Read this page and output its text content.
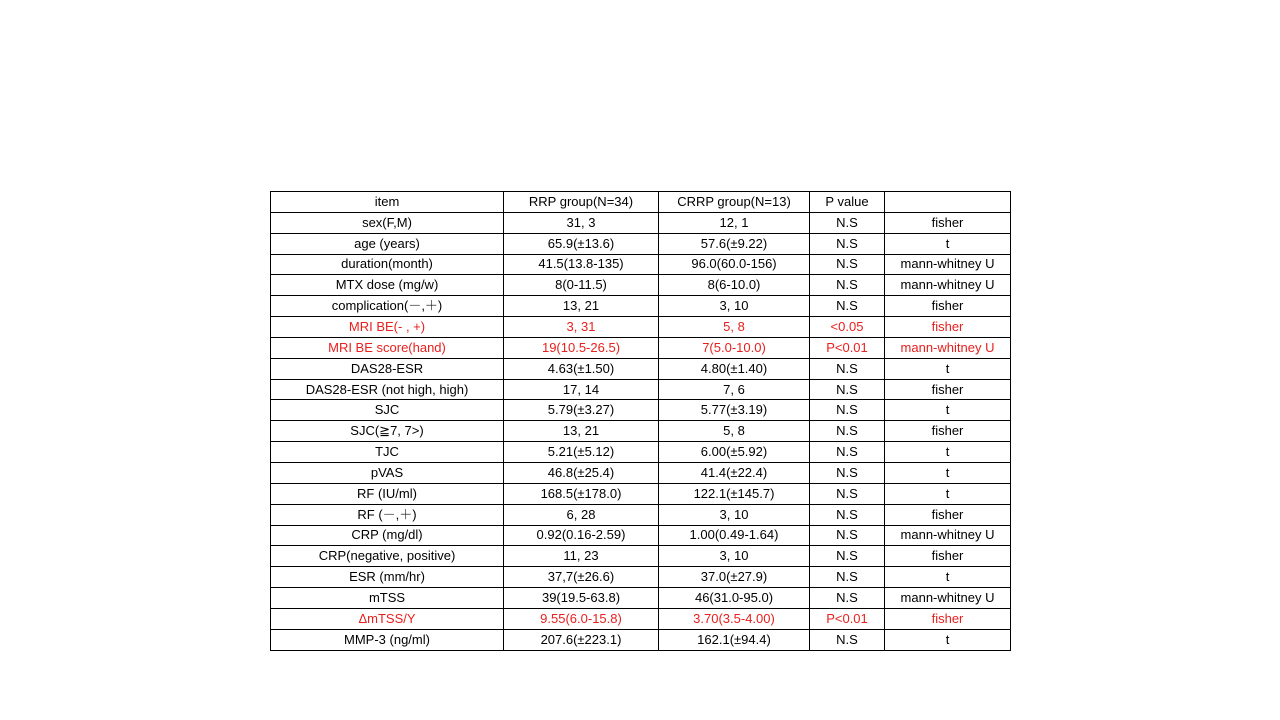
item	RRP group(N=34)	CRRP group(N=13)	P value	
sex(F,M)	31, 3	12, 1	N.S	fisher
age (years)	65.9(±13.6)	57.6(±9.22)	N.S	t
duration(month)	41.5(13.8-135)	96.0(60.0-156)	N.S	mann-whitney U
MTX dose (mg/w)	8(0-11.5)	8(6-10.0)	N.S	mann-whitney U
complication(－,＋)	13, 21	3, 10	N.S	fisher
MRI BE(- , +)	3, 31	5, 8	<0.05	fisher
MRI BE score(hand)	19(10.5-26.5)	7(5.0-10.0)	P<0.01	mann-whitney U
DAS28-ESR	4.63(±1.50)	4.80(±1.40)	N.S	t
DAS28-ESR (not high, high)	17, 14	7, 6	N.S	fisher
SJC	5.79(±3.27)	5.77(±3.19)	N.S	t
SJC(≧7, 7>)	13, 21	5, 8	N.S	fisher
TJC	5.21(±5.12)	6.00(±5.92)	N.S	t
pVAS	46.8(±25.4)	41.4(±22.4)	N.S	t
RF (IU/ml)	168.5(±178.0)	122.1(±145.7)	N.S	t
RF (－,＋)	6, 28	3, 10	N.S	fisher
CRP (mg/dl)	0.92(0.16-2.59)	1.00(0.49-1.64)	N.S	mann-whitney U
CRP(negative, positive)	11, 23	3, 10	N.S	fisher
ESR (mm/hr)	37,7(±26.6)	37.0(±27.9)	N.S	t
mTSS	39(19.5-63.8)	46(31.0-95.0)	N.S	mann-whitney U
ΔmTSS/Y	9.55(6.0-15.8)	3.70(3.5-4.00)	P<0.01	fisher
MMP-3 (ng/ml)	207.6(±223.1)	162.1(±94.4)	N.S	t
